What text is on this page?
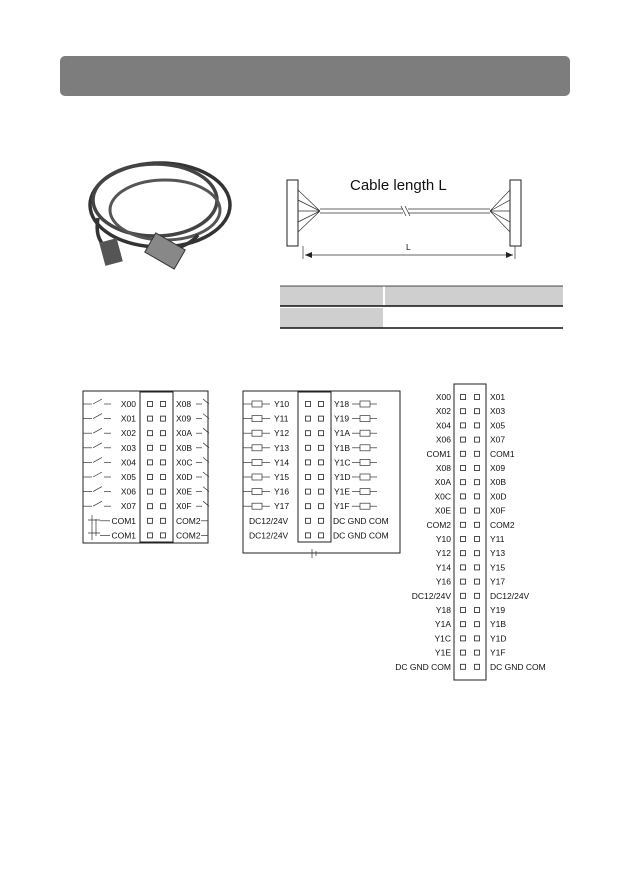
Cable length L
L
X00
X01
X02
X03
X04
X05
X06
X07
COM1
COM1
X08
X09
X0A
X0B
X0C
X0D
X0E
X0F
COM2
COM2
Y10
Y11
Y12
Y13
Y14
Y15
Y16
Y17
DC12/24V
DC12/24V
Y18
Y19
Y1A
Y1B
Y1C
Y1D
Y1E
Y1F
DC GND COM
DC GND COM
X00
X02
X04
X06
COM1
X08
X0A
X0C
X0E
COM2
Y10
Y12
Y14
Y16
DC12/24V
Y18
Y1A
Y1C
Y1E
DC GND COM
X01
X03
X05
X07
COM1
X09
X0B
X0D
X0F
COM2
Y11
Y13
Y15
Y17
DC12/24V
Y19
Y1B
Y1D
Y1F
DC GND COM
